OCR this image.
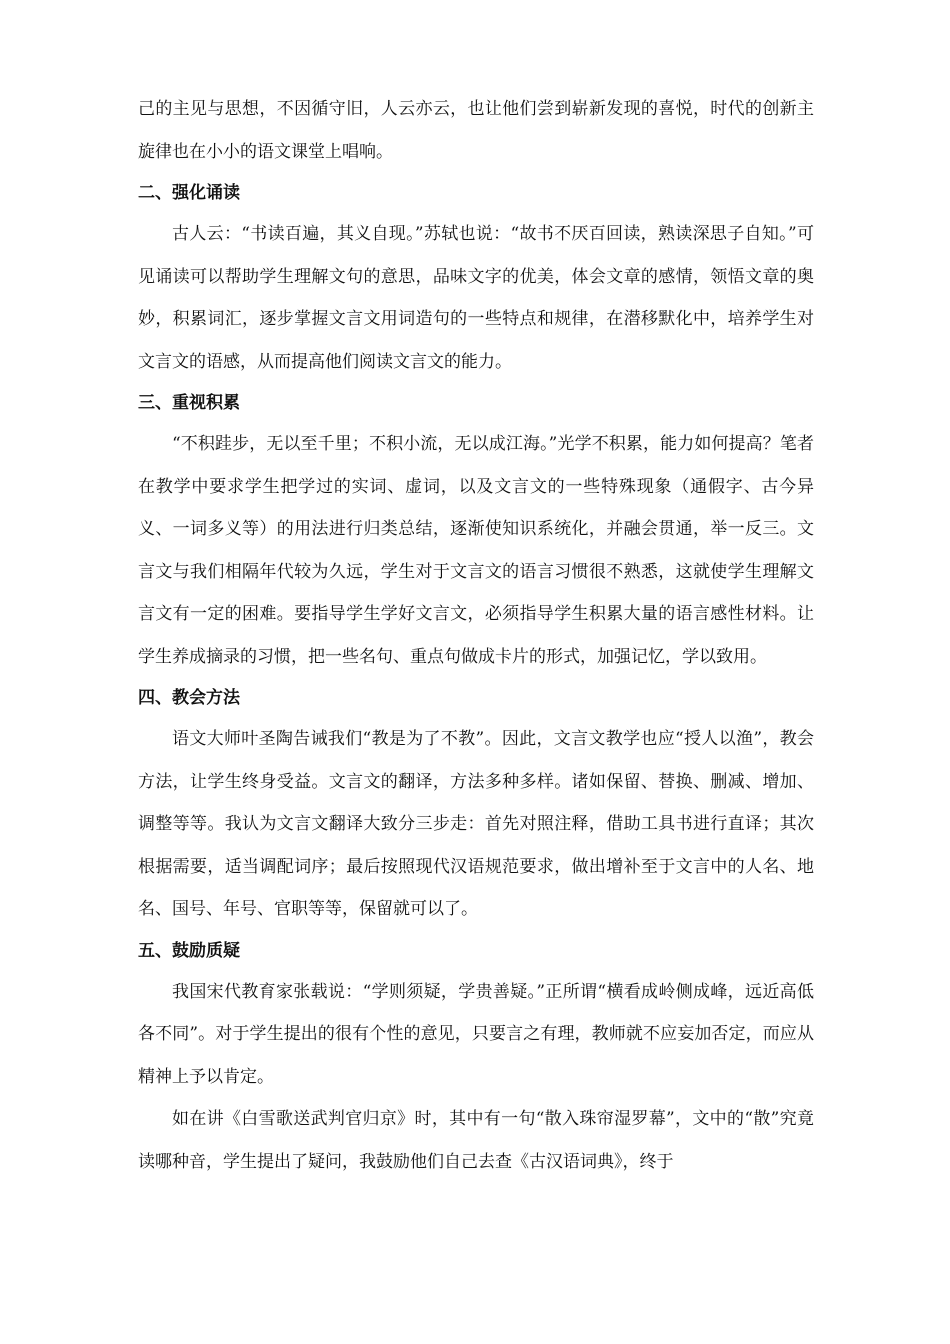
己的主见与思想，不因循守旧，人云亦云，也让他们尝到崭新发现的喜悦，时代的创新主旋律也在小小的语文课堂上唱响。

二、强化诵读

古人云：“书读百遍，其义自现。”苏轼也说：“故书不厌百回读，熟读深思子自知。”可见诵读可以帮助学生理解文句的意思，品味文字的优美，体会文章的感情，领悟文章的奥妙，积累词汇，逐步掌握文言文用词造句的一些特点和规律，在潜移默化中，培养学生对文言文的语感，从而提高他们阅读文言文的能力。

三、重视积累

“不积跬步，无以至千里；不积小流，无以成江海。”光学不积累，能力如何提高？笔者在教学中要求学生把学过的实词、虚词，以及文言文的一些特殊现象（通假字、古今异义、一词多义等）的用法进行归类总结，逐渐使知识系统化，并融会贯通，举一反三。文言文与我们相隔年代较为久远，学生对于文言文的语言习惯很不熟悉，这就使学生理解文言文有一定的困难。要指导学生学好文言文，必须指导学生积累大量的语言感性材料。让学生养成摘录的习惯，把一些名句、重点句做成卡片的形式，加强记忆，学以致用。

四、教会方法

语文大师叶圣陶告诫我们“教是为了不教”。因此，文言文教学也应“授人以渔”，教会方法，让学生终身受益。文言文的翻译，方法多种多样。诸如保留、替换、删减、增加、调整等等。我认为文言文翻译大致分三步走：首先对照注释，借助工具书进行直译；其次根据需要，适当调配词序；最后按照现代汉语规范要求，做出增补至于文言中的人名、地名、国号、年号、官职等等，保留就可以了。

五、鼓励质疑

我国宋代教育家张载说：“学则须疑，学贵善疑。”正所谓“横看成岭侧成峰，远近高低各不同”。对于学生提出的很有个性的意见，只要言之有理，教师就不应妄加否定，而应从精神上予以肯定。

如在讲《白雪歌送武判官归京》时，其中有一句“散入珠帘湿罗幕”，文中的“散”究竟读哪种音，学生提出了疑问，我鼓励他们自己去查《古汉语词典》，终于
